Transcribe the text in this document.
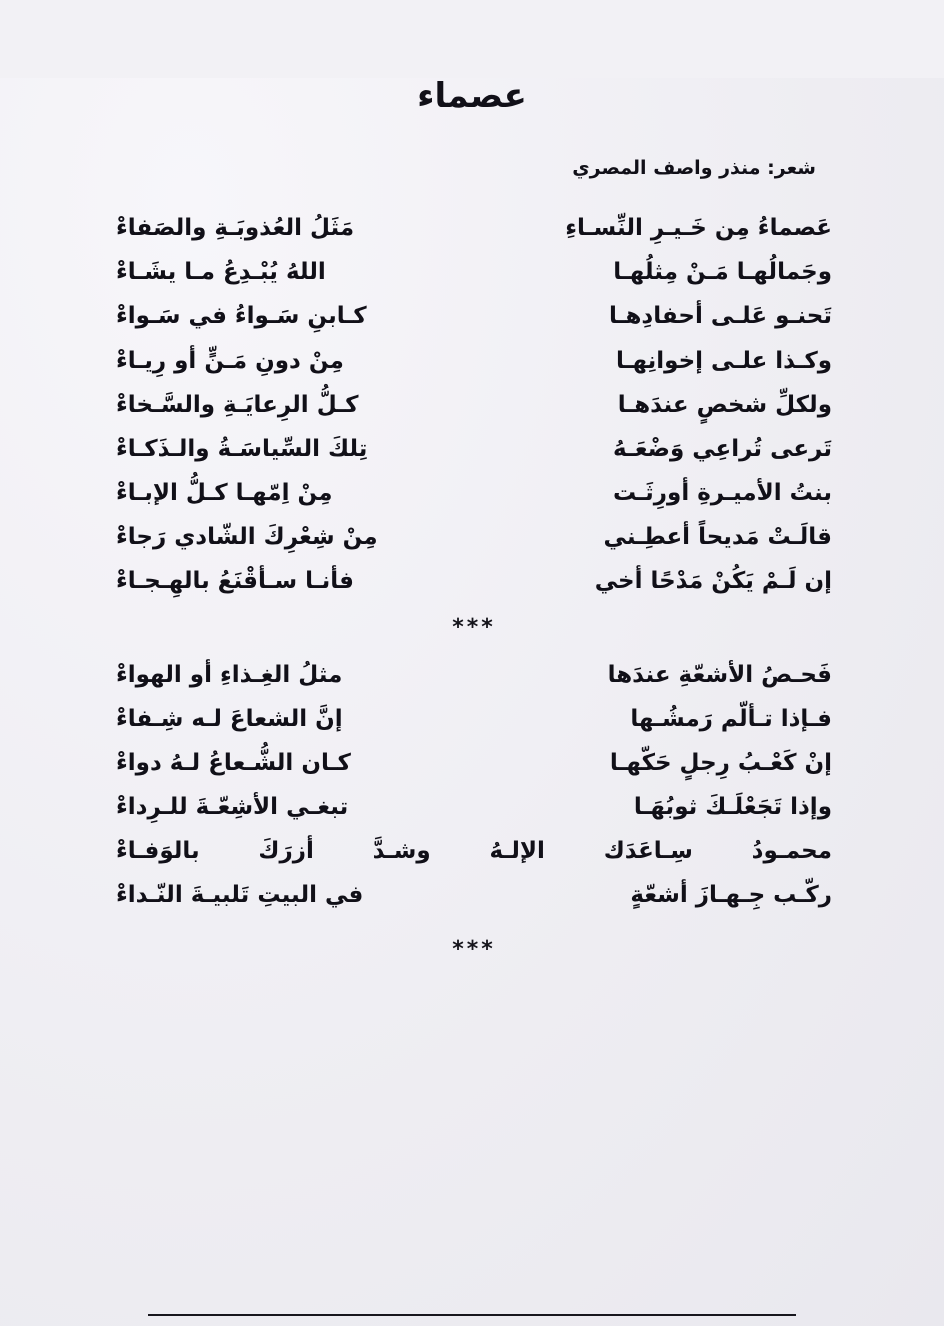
عصماء
شعر: منذر واصف المصري
عَصماءُ مِن خَـيـرِ النِّسـاءِ
مَثَلُ العُذوبَـةِ والصَفاءْ
وجَمالُهـا مَـنْ مِثلُهـا
اللهُ يُبْـدِعُ مـا يشَـاءْ
تَحنـو عَلـى أحفادِهـا
كـابنِ سَـواءُ في سَـواءْ
وكـذا علـى إخوانِهـا
مِنْ دونِ مَـنٍّ أو رِيـاءْ
ولكلِّ شخصٍ عندَهـا
كـلُّ الرِعايَـةِ والسَّـخاءْ
تَرعى تُراعِي وَضْعَـهُ
تِلكَ السِّياسَـةُ والـذَكـاءْ
بنتُ الأميـرةِ أورِثَـت
مِنْ اِمّهـا كـلُّ الإبـاءْ
قالَـتْ مَديحاً أعطِـني
مِنْ شِعْرِكَ الشّادي رَجاءْ
إن لَـمْ يَكُنْ مَدْحًا أخي
فأنـا سـأقْنَعُ بالهِـجـاءْ
***
فَحـصُ الأشعّةِ عندَها
مثلُ الغِـذاءِ أو الهواءْ
فـإذا تـألّم رَمشُـها
إنَّ الشعاعَ لـه شِـفاءْ
إنْ كَعْـبُ رِجلٍ حَكّهـا
كـان الشُّـعاعُ لـهُ دواءْ
وإذا تَجَعْلَـكَ ثوبُهَـا
تبغـي الأشِعّـةَ للـرِداءْ
محمـودُ سِـاعَدَك الإلـهُ وشـدَّ أزرَكَ بالوَفـاءْ
ركّـب جِـهـازَ أشعّةٍ
في البيتِ تَلبيـةَ النّـداءْ
***
